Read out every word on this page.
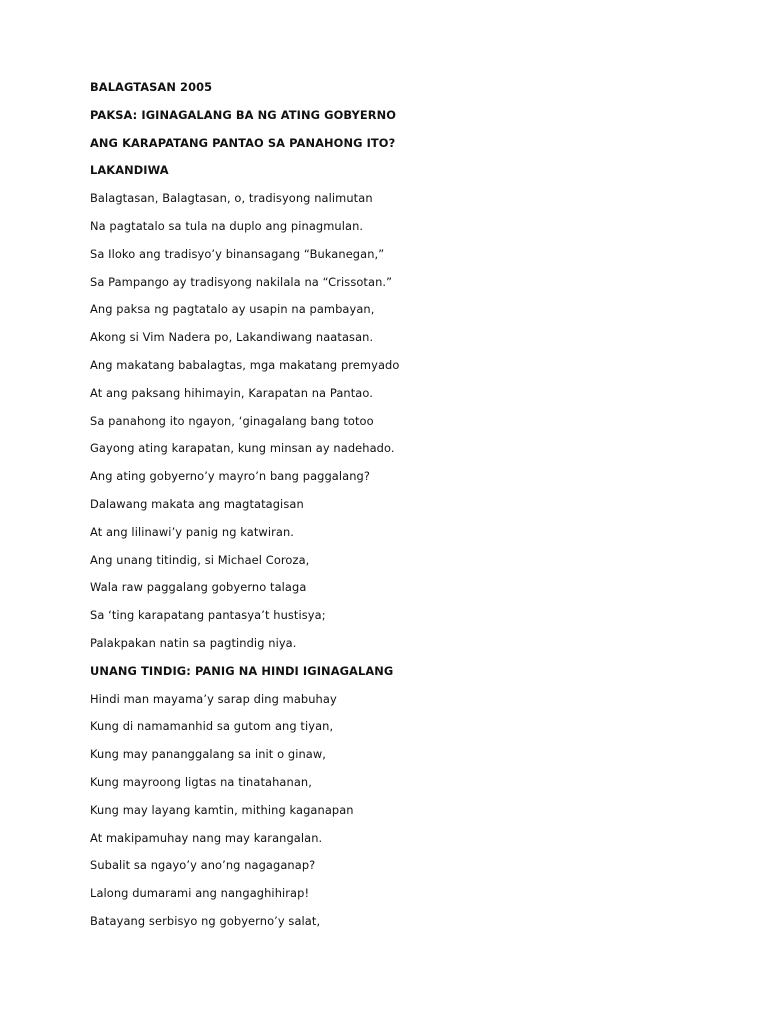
BALAGTASAN 2005
PAKSA: IGINAGALANG BA NG ATING GOBYERNO
ANG KARAPATANG PANTAO SA PANAHONG ITO?
LAKANDIWA
Balagtasan, Balagtasan, o, tradisyong nalimutan
Na pagtatalo sa tula na duplo ang pinagmulan.
Sa Iloko ang tradisyo’y binansagang “Bukanegan,”
Sa Pampango ay tradisyong nakilala na “Crissotan.”
Ang paksa ng pagtatalo ay usapin na pambayan,
Akong si Vim Nadera po, Lakandiwang naatasan.
Ang makatang babalagtas, mga makatang premyado
At ang paksang hihimayin, Karapatan na Pantao.
Sa panahong ito ngayon, ‘ginagalang bang totoo
Gayong ating karapatan, kung minsan ay nadehado.
Ang ating gobyerno’y mayro’n bang paggalang?
Dalawang makata ang magtatagisan
At ang lilinawi’y panig ng katwiran.
Ang unang titindig, si Michael Coroza,
Wala raw paggalang gobyerno talaga
Sa ‘ting karapatang pantasya’t hustisya;
Palakpakan natin sa pagtindig niya.
UNANG TINDIG: PANIG NA HINDI IGINAGALANG
Hindi man mayama’y sarap ding mabuhay
Kung di namamanhid sa gutom ang tiyan,
Kung may pananggalang sa init o ginaw,
Kung mayroong ligtas na tinatahanan,
Kung may layang kamtin, mithing kaganapan
At makipamuhay nang may karangalan.
Subalit sa ngayo’y ano’ng nagaganap?
Lalong dumarami ang nangaghihirap!
Batayang serbisyo ng gobyerno’y salat,
